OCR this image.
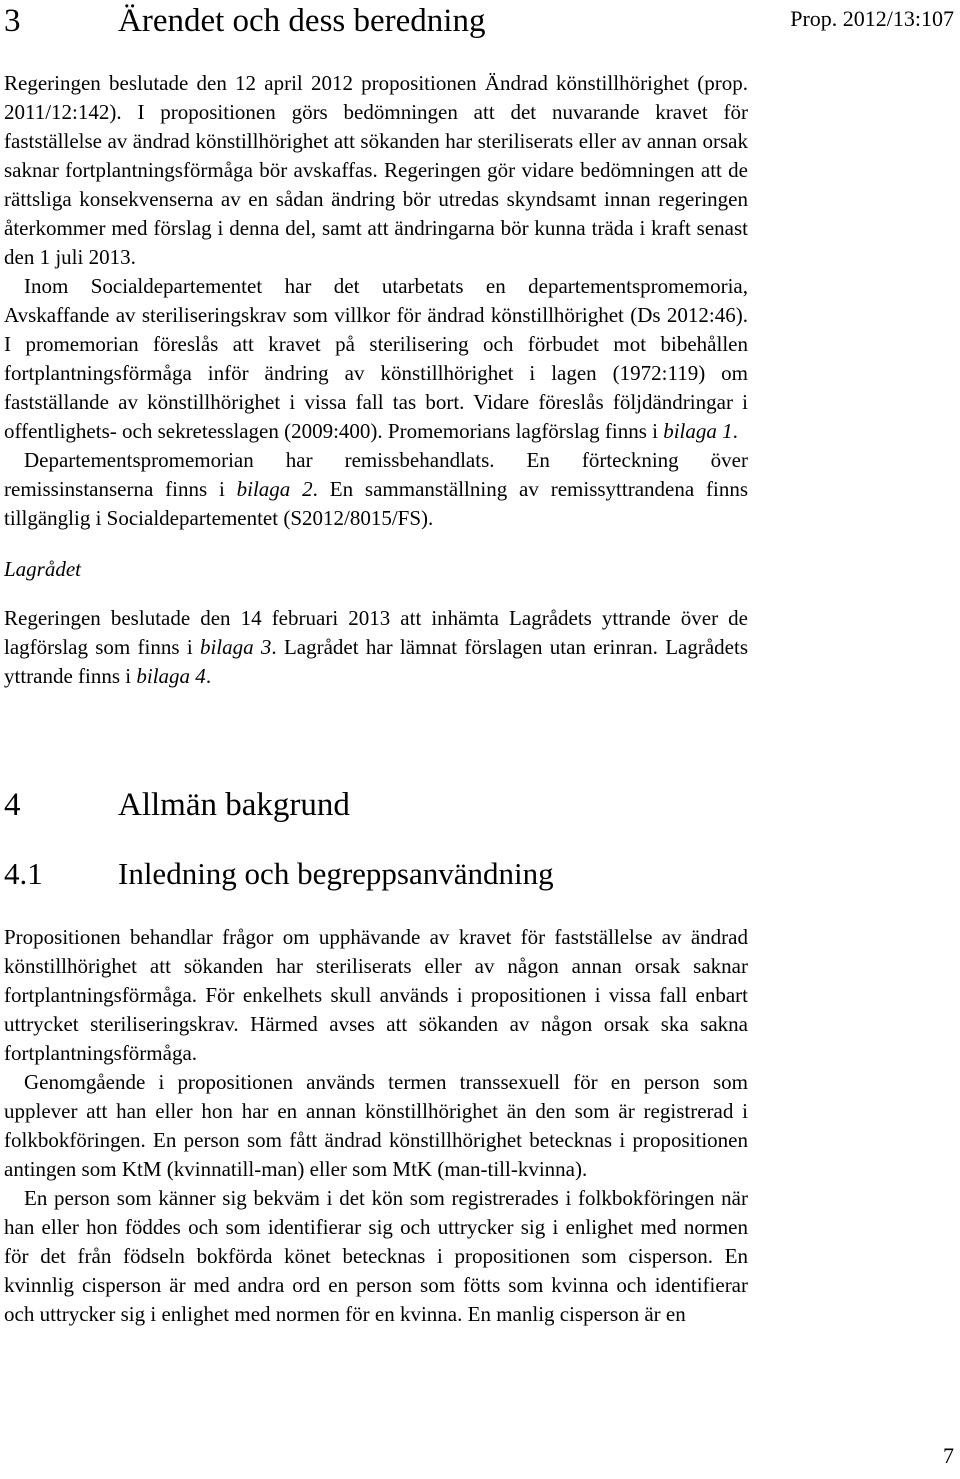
Prop. 2012/13:107
3	Ärendet och dess beredning

Regeringen beslutade den 12 april 2012 propositionen Ändrad könstillhörighet (prop. 2011/12:142). I propositionen görs bedömningen att det nuvarande kravet för fastställelse av ändrad könstillhörighet att sökanden har steriliserats eller av annan orsak saknar fortplantningsförmåga bör avskaffas. Regeringen gör vidare bedömningen att de rättsliga konsekvenserna av en sådan ändring bör utredas skyndsamt innan regeringen återkommer med förslag i denna del, samt att ändringarna bör kunna träda i kraft senast den 1 juli 2013.

Inom Socialdepartementet har det utarbetats en departementspromemoria, Avskaffande av steriliseringskrav som villkor för ändrad könstillhörighet (Ds 2012:46). I promemorian föreslås att kravet på sterilisering och förbudet mot bibehållen fortplantningsförmåga inför ändring av könstillhörighet i lagen (1972:119) om fastställande av könstillhörighet i vissa fall tas bort. Vidare föreslås följdändringar i offentlighets- och sekretesslagen (2009:400). Promemorians lagförslag finns i bilaga 1.

Departementspromemorian har remissbehandlats. En förteckning över remissinstanserna finns i bilaga 2. En sammanställning av remissyttrandena finns tillgänglig i Socialdepartementet (S2012/8015/FS).

Lagrådet

Regeringen beslutade den 14 februari 2013 att inhämta Lagrådets yttrande över de lagförslag som finns i bilaga 3. Lagrådet har lämnat förslagen utan erinran. Lagrådets yttrande finns i bilaga 4.

4	Allmän bakgrund
4.1 Inledning och begreppsanvändning

Propositionen behandlar frågor om upphävande av kravet för fastställelse av ändrad könstillhörighet att sökanden har steriliserats eller av någon annan orsak saknar fortplantningsförmåga. För enkelhets skull används i propositionen i vissa fall enbart uttrycket steriliseringskrav. Härmed avses att sökanden av någon orsak ska sakna fortplantningsförmåga.

Genomgående i propositionen används termen transsexuell för en person som upplever att han eller hon har en annan könstillhörighet än den som är registrerad i folkbokföringen. En person som fått ändrad könstillhörighet betecknas i propositionen antingen som KtM (kvinnatill-man) eller som MtK (man-till-kvinna).

En person som känner sig bekväm i det kön som registrerades i folkbokföringen när han eller hon föddes och som identifierar sig och uttrycker sig i enlighet med normen för det från födseln bokförda könet betecknas i propositionen som cisperson. En kvinnlig cisperson är med andra ord en person som fötts som kvinna och identifierar och uttrycker sig i enlighet med normen för en kvinna. En manlig cisperson är en

7
